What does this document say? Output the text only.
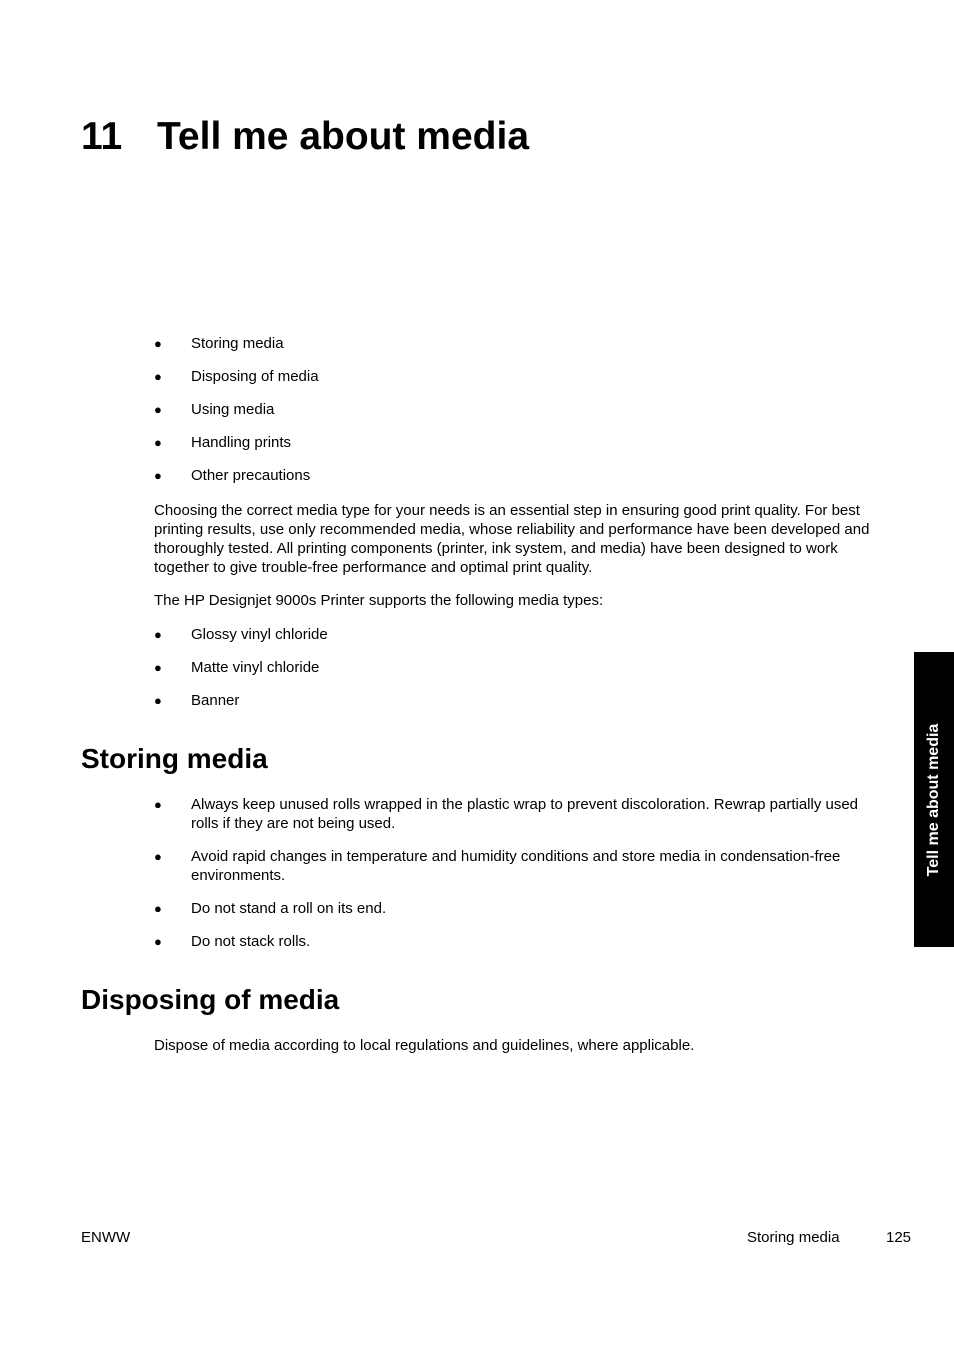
11 Tell me about media
● Storing media
● Disposing of media
● Using media
● Handling prints
● Other precautions

Choosing the correct media type for your needs is an essential step in ensuring good print quality. For best printing results, use only recommended media, whose reliability and performance have been developed and thoroughly tested. All printing components (printer, ink system, and media) have been designed to work together to give trouble-free performance and optimal print quality.

The HP Designjet 9000s Printer supports the following media types:

● Glossy vinyl chloride
● Matte vinyl chloride
● Banner
Storing media
● Always keep unused rolls wrapped in the plastic wrap to prevent discoloration. Rewrap partially used rolls if they are not being used.
● Avoid rapid changes in temperature and humidity conditions and store media in condensation-free environments.
● Do not stand a roll on its end.
● Do not stack rolls.
Disposing of media

Dispose of media according to local regulations and guidelines, where applicable.

Tell me about media
ENWW	Storing media	125
